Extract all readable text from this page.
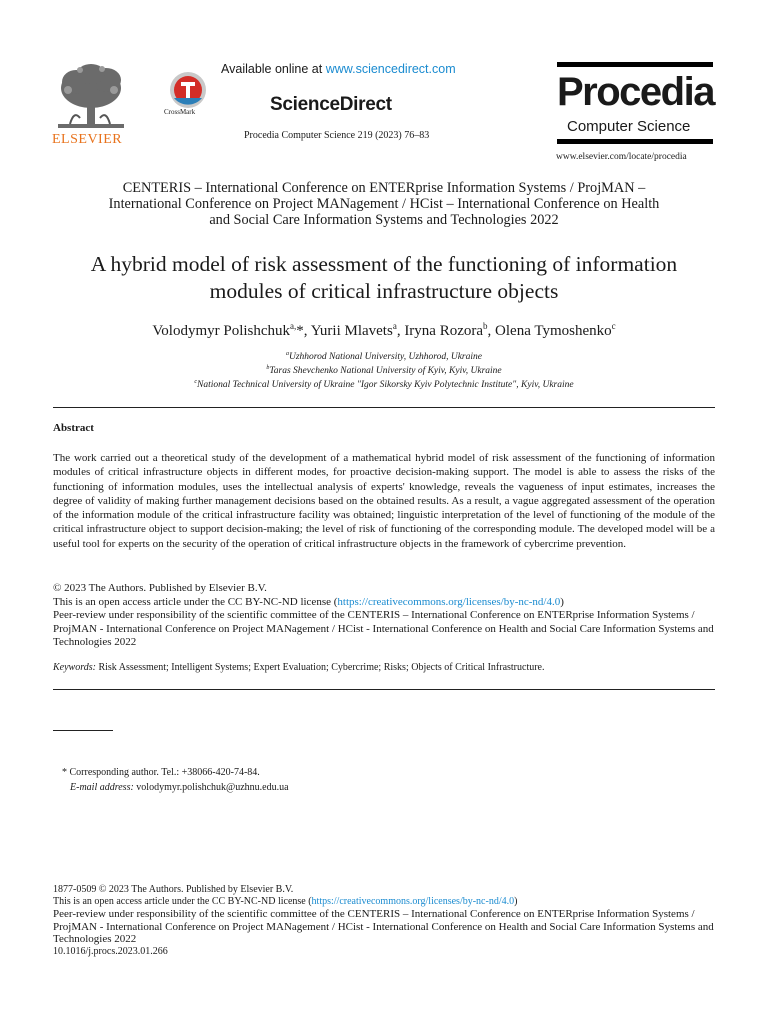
ELSEVIER
CrossMark
Available online at www.sciencedirect.com
ScienceDirect
Procedia Computer Science 219 (2023) 76–83
Procedia
Computer Science
www.elsevier.com/locate/procedia
CENTERIS – International Conference on ENTERprise Information Systems / ProjMAN –
International Conference on Project MANagement / HCist – International Conference on Health
and Social Care Information Systems and Technologies 2022
A hybrid model of risk assessment of the functioning of information
modules of critical infrastructure objects
Volodymyr Polishchuk$^{a,}$*, Yurii Mlavets$^a$, Iryna Rozora$^b$, Olena Tymoshenko$^c$
$^a$Uzhhorod National University, Uzhhorod, Ukraine
$^b$Taras Shevchenko National University of Kyiv, Kyiv, Ukraine
$^c$National Technical University of Ukraine "Igor Sikorsky Kyiv Polytechnic Institute", Kyiv, Ukraine
Abstract
The work carried out a theoretical study of the development of a mathematical hybrid model of risk assessment of the functioning of information modules of critical infrastructure objects in different modes, for proactive decision-making support. The model is able to assess the risks of the functioning of information modules, uses the intellectual analysis of experts' knowledge, reveals the vagueness of input estimates, increases the degree of validity of making further management decisions based on the obtained results. As a result, a vague aggregated assessment of the operation of the information module of the critical infrastructure facility was obtained; linguistic interpretation of the level of functioning of the module of the critical infrastructure object to support decision-making; the level of risk of functioning of the corresponding module. The developed model will be a useful tool for experts on the security of the operation of critical infrastructure objects in the framework of cybercrime prevention.
© 2023 The Authors. Published by Elsevier B.V.
This is an open access article under the CC BY-NC-ND license (https://creativecommons.org/licenses/by-nc-nd/4.0)
Peer-review under responsibility of the scientific committee of the CENTERIS – International Conference on ENTERprise Information Systems / ProjMAN - International Conference on Project MANagement / HCist - International Conference on Health and Social Care Information Systems and Technologies 2022
Keywords: Risk Assessment; Intelligent Systems; Expert Evaluation; Cybercrime; Risks; Objects of Critical Infrastructure.
* Corresponding author. Tel.: +38066-420-74-84.
E-mail address: volodymyr.polishchuk@uzhnu.edu.ua
1877-0509 © 2023 The Authors. Published by Elsevier B.V.
This is an open access article under the CC BY-NC-ND license (https://creativecommons.org/licenses/by-nc-nd/4.0)
Peer-review under responsibility of the scientific committee of the CENTERIS – International Conference on ENTERprise Information Systems / ProjMAN - International Conference on Project MANagement / HCist - International Conference on Health and Social Care Information Systems and Technologies 2022
10.1016/j.procs.2023.01.266
